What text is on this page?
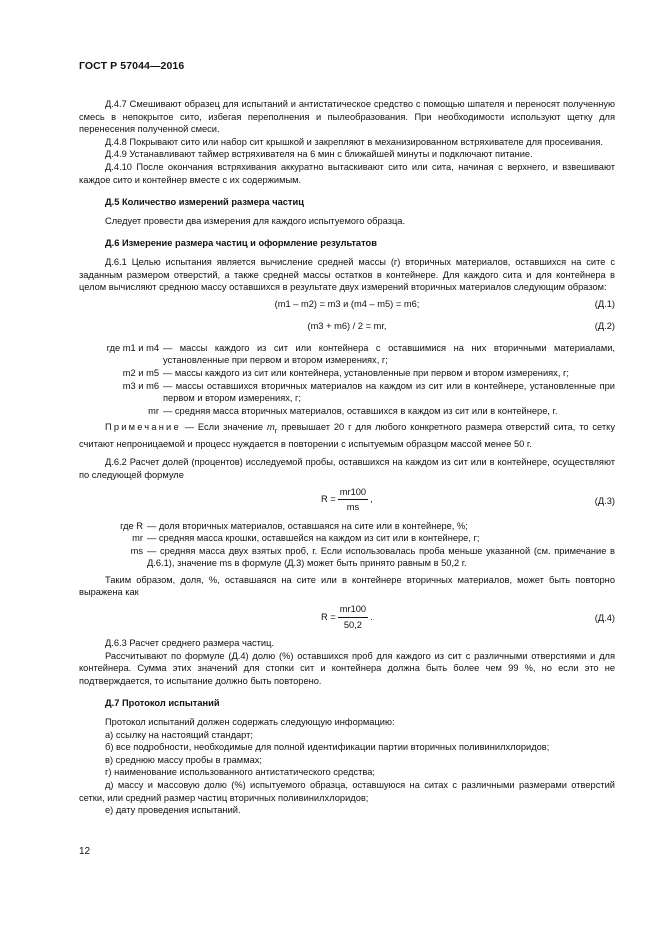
ГОСТ Р 57044—2016

Д.4.7 Смешивают образец для испытаний и антистатическое средство с помощью шпателя и переносят полученную смесь в непокрытое сито, избегая переполнения и пылеобразования. При необходимости используют щетку для перенесения полученной смеси.

Д.4.8 Покрывают сито или набор сит крышкой и закрепляют в механизированном встряхивателе для просеивания.

Д.4.9 Устанавливают таймер встряхивателя на 6 мин с ближайшей минуты и подключают питание.

Д.4.10 После окончания встряхивания аккуратно вытаскивают сито или сита, начиная с верхнего, и взвешивают каждое сито и контейнер вместе с их содержимым.

Д.5 Количество измерений размера частиц

Следует провести два измерения для каждого испытуемого образца.

Д.6 Измерение размера частиц и оформление результатов

Д.6.1 Целью испытания является вычисление средней массы (г) вторичных материалов, оставшихся на сите с заданным размером отверстий, а также средней массы остатков в контейнере. Для каждого сита и для контейнера в целом вычисляют среднюю массу оставшихся в результате двух измерений вторичных материалов следующим образом:

(m1 – m2) = m3 и (m4 – m5) = m6;	(Д.1)
(m3 + m6) / 2 = mr,	(Д.2)
где m1 и m4 — массы каждого из сит или контейнера с оставшимися на них вторичными материалами, установленные при первом и втором измерениях, г;
m2 и m5 — массы каждого из сит или контейнера, установленные при первом и втором измерениях, г;
m3 и m6 — массы оставшихся вторичных материалов на каждом из сит или в контейнере, установленные при первом и втором измерениях, г;
mr — средняя масса вторичных материалов, оставшихся в каждом из сит или в контейнере, г.

Примечание — Если значение $m_r$ превышает 20 г для любого конкретного размера отверстий сита, то сетку считают непроницаемой и процесс нуждается в повторении с испытуемым образцом массой менее 50 г.

Д.6.2 Расчет долей (процентов) исследуемой пробы, оставшихся на каждом из сит или в контейнере, осуществляют по следующей формуле

$R = \frac{mr100}{ms}$ ,	(Д.3)
где R — доля вторичных материалов, оставшаяся на сите или в контейнере, %;
mr — средняя масса крошки, оставшейся на каждом из сит или в контейнере, г;
ms — средняя масса двух взятых проб, г. Если использовалась проба меньше указанной (см. примечание в Д.6.1), значение ms в формуле (Д.3) может быть принято равным в 50,2 г.

Таким образом, доля, %, оставшаяся на сите или в контейнере вторичных материалов, может быть повторно выражена как

$R = \frac{mr100}{50,2}$ .	(Д.4)

Д.6.3 Расчет среднего размера частиц.

Рассчитывают по формуле (Д.4) долю (%) оставшихся проб для каждого из сит с различными отверстиями и для контейнера. Сумма этих значений для стопки сит и контейнера должна быть более чем 99 %, но если это не подтверждается, то испытание должно быть повторено.

Д.7 Протокол испытаний

Протокол испытаний должен содержать следующую информацию:

а) ссылку на настоящий стандарт;

б) все подробности, необходимые для полной идентификации партии вторичных поливинилхлоридов;

в) среднюю массу пробы в граммах;

г) наименование использованного антистатического средства;

д) массу и массовую долю (%) испытуемого образца, оставшуюся на ситах с различными размерами отверстий сетки, или средний размер частиц вторичных поливинилхлоридов;

е) дату проведения испытаний.

12
